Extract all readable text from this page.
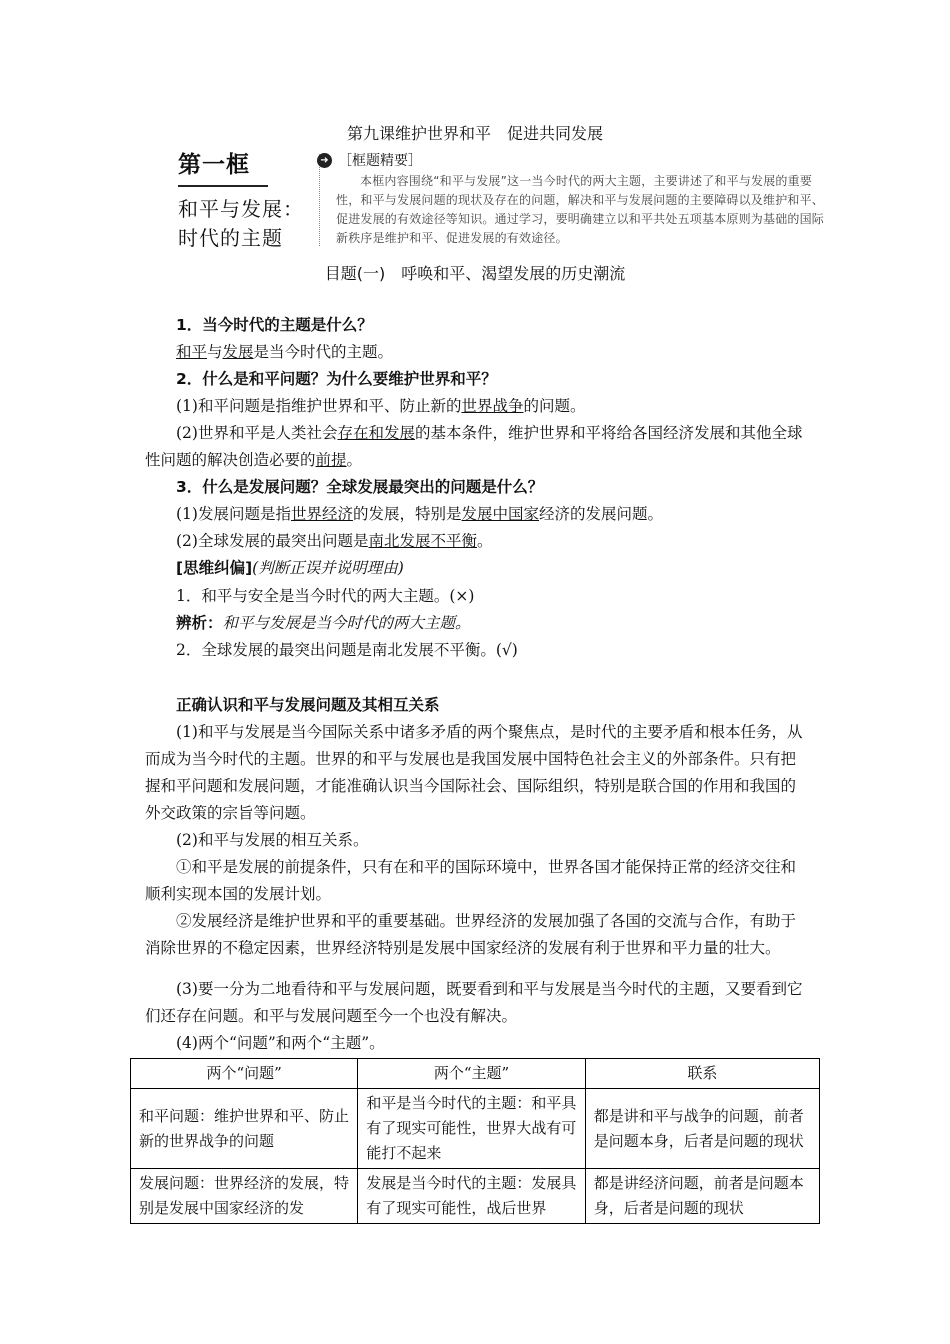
第九课维护世界和平　促进共同发展
第一框
和平与发展：
时代的主题
➜ ［框题精要］
本框内容围绕“和平与发展”这一当今时代的两大主题，主要讲述了和平与发展的重要性，和平与发展问题的现状及存在的问题，解决和平与发展问题的主要障碍以及维护和平、促进发展的有效途径等知识。通过学习，要明确建立以和平共处五项基本原则为基础的国际新秩序是维护和平、促进发展的有效途径。
目题(一)　呼唤和平、渴望发展的历史潮流
1．当今时代的主题是什么？
和平与发展是当今时代的主题。
2．什么是和平问题？为什么要维护世界和平？
(1)和平问题是指维护世界和平、防止新的世界战争的问题。
(2)世界和平是人类社会存在和发展的基本条件，维护世界和平将给各国经济发展和其他全球性问题的解决创造必要的前提。
3．什么是发展问题？全球发展最突出的问题是什么？
(1)发展问题是指世界经济的发展，特别是发展中国家经济的发展问题。
(2)全球发展的最突出问题是南北发展不平衡。
[思维纠偏](判断正误并说明理由)
1．和平与安全是当今时代的两大主题。(×)
辨析：和平与发展是当今时代的两大主题。
2．全球发展的最突出问题是南北发展不平衡。(√)
正确认识和平与发展问题及其相互关系
(1)和平与发展是当今国际关系中诸多矛盾的两个聚焦点，是时代的主要矛盾和根本任务，从而成为当今时代的主题。世界的和平与发展也是我国发展中国特色社会主义的外部条件。只有把握和平问题和发展问题，才能准确认识当今国际社会、国际组织，特别是联合国的作用和我国的外交政策的宗旨等问题。
(2)和平与发展的相互关系。
①和平是发展的前提条件，只有在和平的国际环境中，世界各国才能保持正常的经济交往和顺利实现本国的发展计划。
②发展经济是维护世界和平的重要基础。世界经济的发展加强了各国的交流与合作，有助于消除世界的不稳定因素，世界经济特别是发展中国家经济的发展有利于世界和平力量的壮大。
(3)要一分为二地看待和平与发展问题，既要看到和平与发展是当今时代的主题，又要看到它们还存在问题。和平与发展问题至今一个也没有解决。
(4)两个“问题”和两个“主题”。
两个“问题”	两个“主题”	联系
和平问题：维护世界和平、防止新的世界战争的问题	和平是当今时代的主题：和平具有了现实可能性，世界大战有可能打不起来	都是讲和平与战争的问题，前者是问题本身，后者是问题的现状

发展问题：世界经济的发展，特别是发展中国家经济的发	发展是当今时代的主题：发展具有了现实可能性，战后世界	都是讲经济问题，前者是问题本身，后者是问题的现状
